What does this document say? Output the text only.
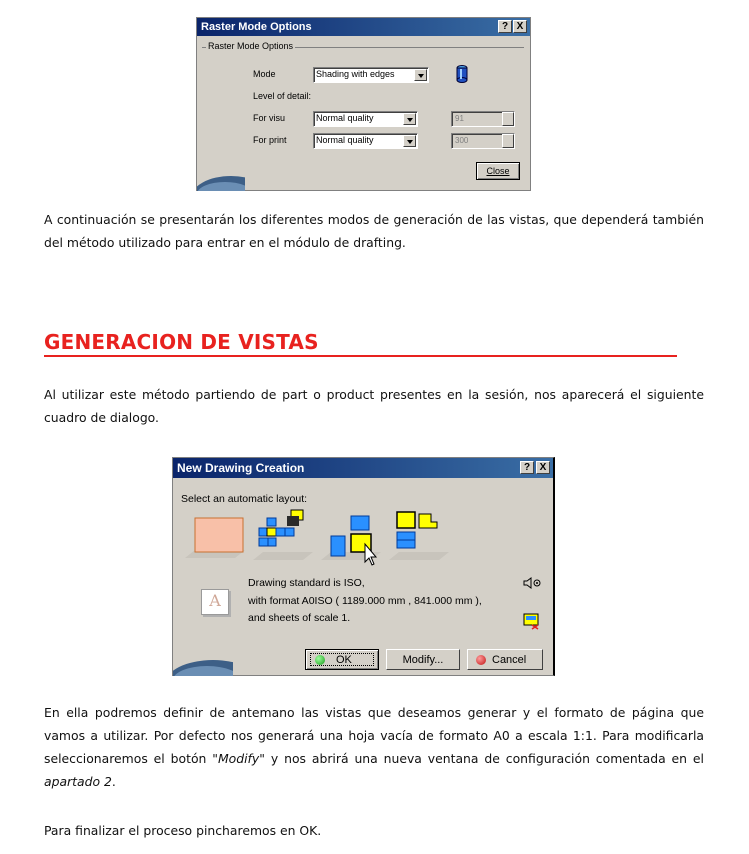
Raster Mode Options	? X
Raster Mode Options
Mode	Shading with edges
Level of detail:
For visu	Normal quality	91
For print	Normal quality	300
Close
A continuación se presentarán los diferentes modos de generación de las vistas, que dependerá también del método utilizado para entrar en el módulo de drafting.
GENERACION DE VISTAS
Al utilizar este método partiendo de part o product presentes en la sesión, nos aparecerá el siguiente cuadro de dialogo.
New Drawing Creation	? X
Select an automatic layout:
A
Drawing standard is ISO,
with format A0ISO ( 1189.000 mm , 841.000 mm ),
and sheets of scale 1.
OK	Modify...	Cancel
En ella podremos definir de antemano las vistas que deseamos generar y el formato de página que vamos a utilizar. Por defecto nos generará una hoja vacía de formato A0 a escala 1:1. Para modificarla seleccionaremos el botón "Modify" y nos abrirá una nueva ventana de configuración comentada en el apartado 2.
Para finalizar el proceso pincharemos en OK.
